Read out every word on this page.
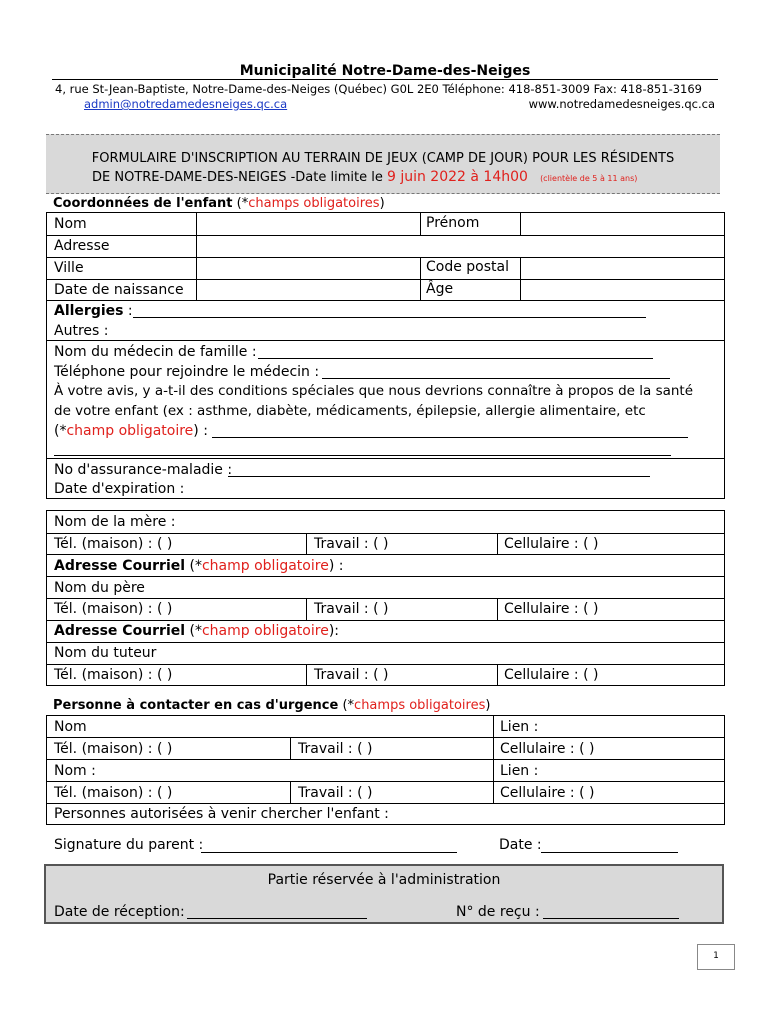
Municipalité Notre-Dame-des-Neiges
4, rue St-Jean-Baptiste, Notre-Dame-des-Neiges (Québec) G0L 2E0 Téléphone: 418-851-3009 Fax: 418-851-3169
admin@notredamedesneiges.qc.ca	www.notredamedesneiges.qc.ca
FORMULAIRE D'INSCRIPTION AU TERRAIN DE JEUX (CAMP DE JOUR) POUR LES RÉSIDENTS
DE NOTRE-DAME-DES-NEIGES -Date limite le 9 juin 2022 à 14h00 (clientèle de 5 à 11 ans)
Coordonnées de l'enfant (*champs obligatoires)
Nom	Prénom
Adresse
Ville	Code postal
Date de naissance	Âge
Allergies :
Autres :
Nom du médecin de famille :
Téléphone pour rejoindre le médecin :
À votre avis, y a-t-il des conditions spéciales que nous devrions connaître à propos de la santé
de votre enfant (ex : asthme, diabète, médicaments, épilepsie, allergie alimentaire, etc
(*champ obligatoire) :
No d'assurance-maladie :
Date d'expiration :
Nom de la mère :
Tél. (maison) : ( )	Travail : ( )	Cellulaire : ( )
Adresse Courriel (*champ obligatoire) :
Nom du père
Tél. (maison) : ( )	Travail : ( )	Cellulaire : ( )
Adresse Courriel (*champ obligatoire):
Nom du tuteur
Tél. (maison) : ( )	Travail : ( )	Cellulaire : ( )
Personne à contacter en cas d'urgence (*champs obligatoires)
Nom	Lien :
Tél. (maison) : ( )	Travail : ( )	Cellulaire : ( )
Nom :	Lien :
Tél. (maison) : ( )	Travail : ( )	Cellulaire : ( )
Personnes autorisées à venir chercher l'enfant :
Signature du parent :	Date :
Partie réservée à l'administration
Date de réception:	N° de reçu :
1
